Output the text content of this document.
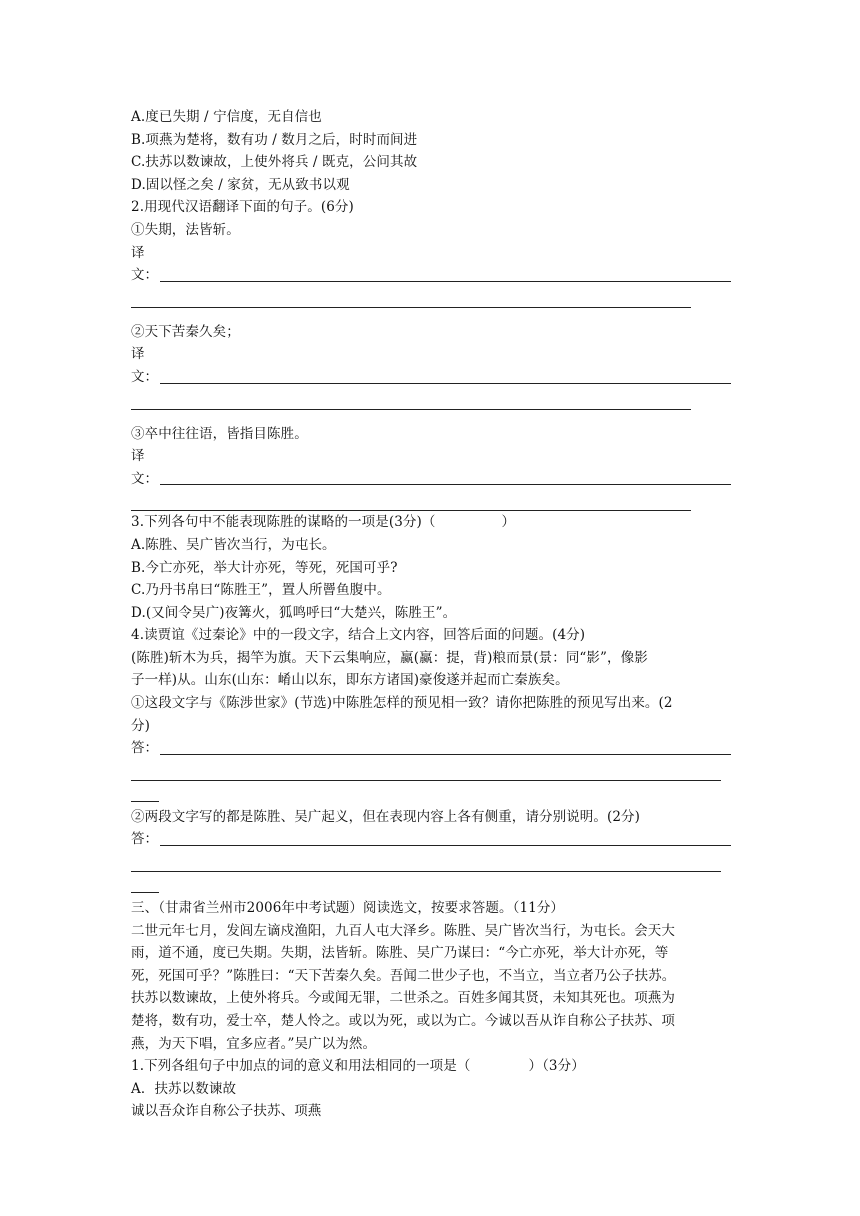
A.度已失期 / 宁信度，无自信也
B.项燕为楚将，数有功 / 数月之后，时时而间进
C.扶苏以数谏故，上使外将兵 / 既克，公问其故
D.固以怪之矣 / 家贫，无从致书以观
2.用现代汉语翻译下面的句子。(6分)
①失期，法皆斩。
译
文：
②天下苦秦久矣；
译
文：
③卒中往往语，皆指目陈胜。
译
文：
3.下列各句中不能表现陈胜的谋略的一项是(3分)（	）
A.陈胜、吴广皆次当行，为屯长。
B.今亡亦死，举大计亦死，等死，死国可乎?
C.乃丹书帛曰“陈胜王”，置人所罾鱼腹中。
D.(又间令吴广)夜篝火，狐鸣呼曰“大楚兴，陈胜王”。
4.读贾谊《过秦论》中的一段文字，结合上文内容，回答后面的问题。(4分)
(陈胜)斩木为兵，揭竿为旗。天下云集响应，赢(赢：提，背)粮而景(景：同“影”，像影
子一样)从。山东(山东：崤山以东，即东方诸国)豪俊遂并起而亡秦族矣。
①这段文字与《陈涉世家》(节选)中陈胜怎样的预见相一致？请你把陈胜的预见写出来。(2
分)
答：
②两段文字写的都是陈胜、吴广起义，但在表现内容上各有侧重，请分别说明。(2分)
答：
三、（甘肃省兰州市2006年中考试题）阅读选文，按要求答题。（11分）
二世元年七月，发闾左谪戍渔阳，九百人屯大泽乡。陈胜、吴广皆次当行，为屯长。会天大
雨，道不通，度已失期。失期，法皆斩。陈胜、吴广乃谋曰：“今亡亦死，举大计亦死，等
死，死国可乎？”陈胜曰：“天下苦秦久矣。吾闻二世少子也，不当立，当立者乃公子扶苏。
扶苏以数谏故，上使外将兵。今或闻无罪，二世杀之。百姓多闻其贤，未知其死也。项燕为
楚将，数有功，爱士卒，楚人怜之。或以为死，或以为亡。今诚以吾从诈自称公子扶苏、项
燕，为天下唱，宜多应者。”吴广以为然。
1.下列各组句子中加点的词的意义和用法相同的一项是（	）（3分）
A．扶苏以数谏故
诚以吾众诈自称公子扶苏、项燕
